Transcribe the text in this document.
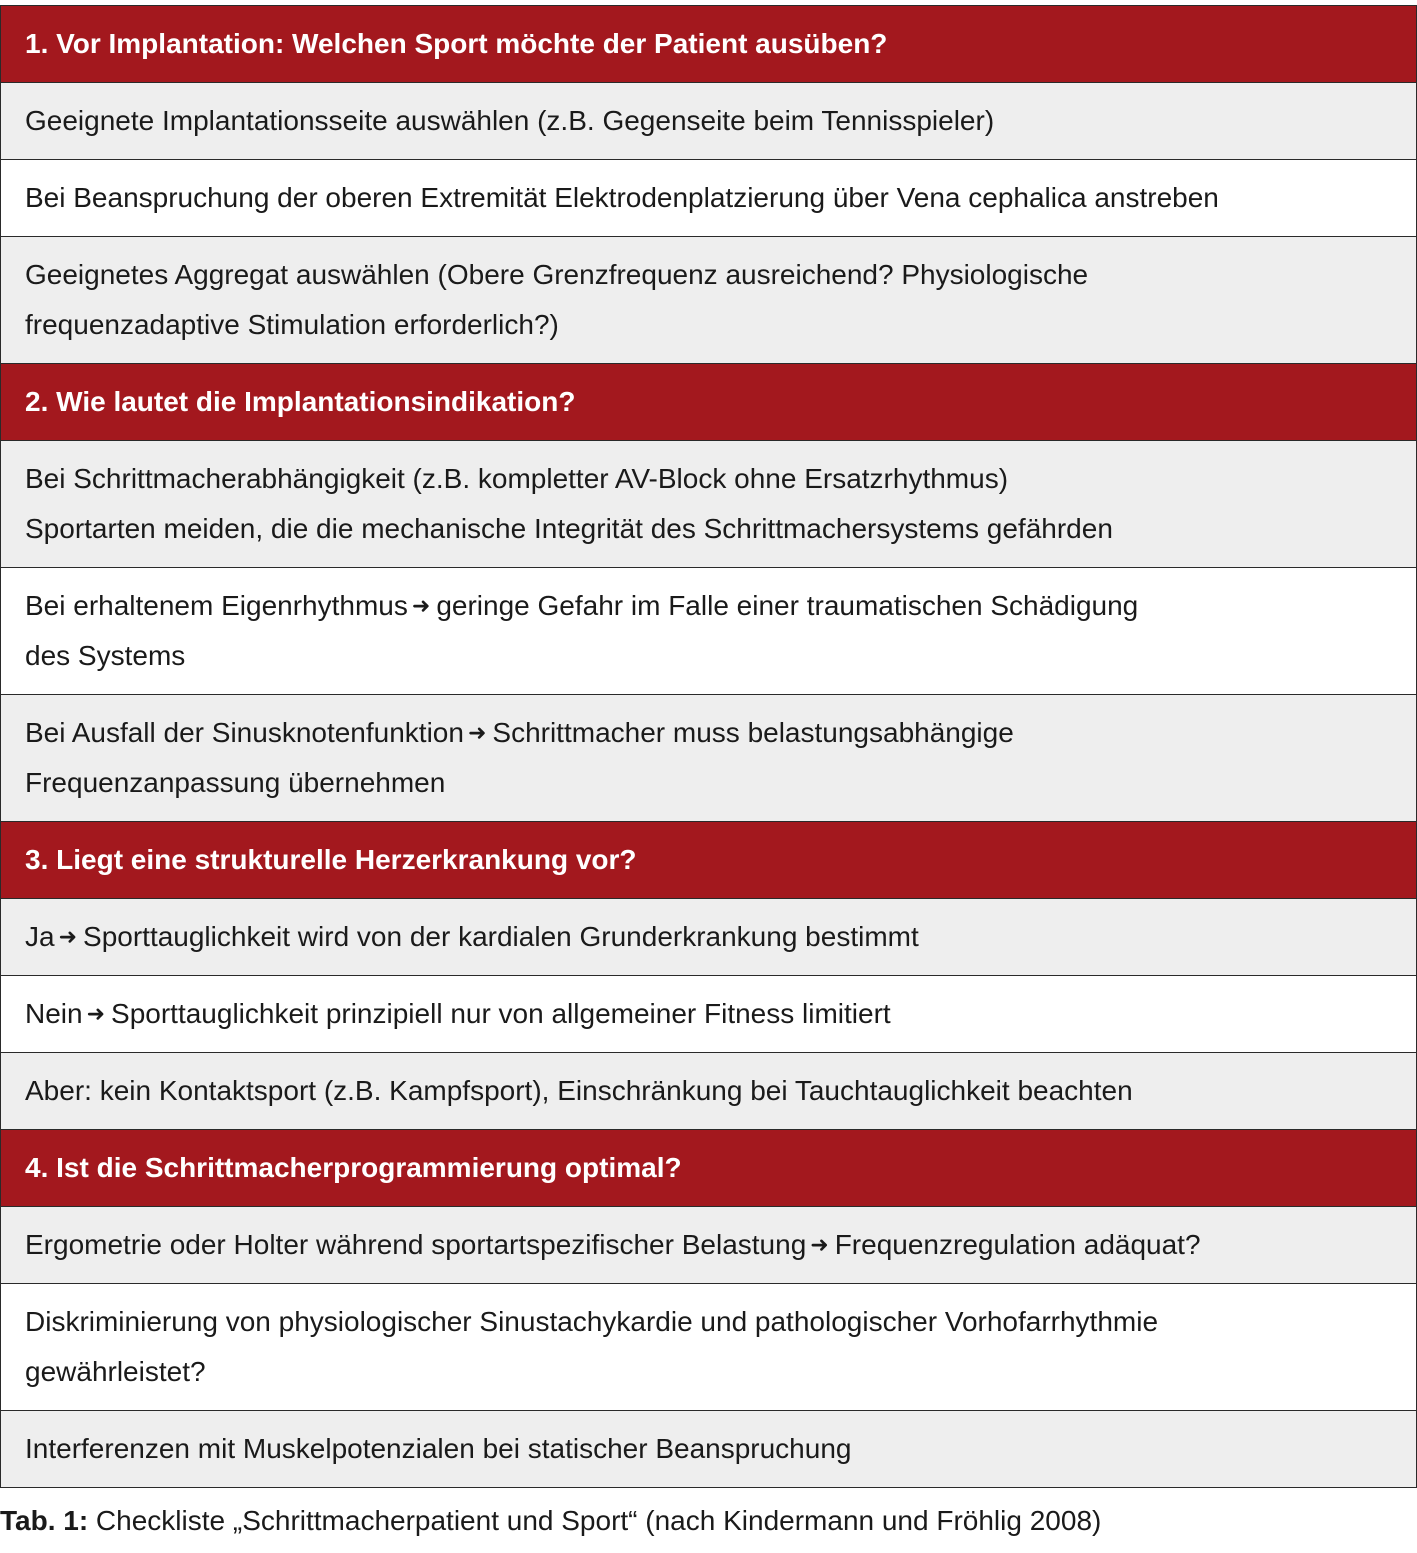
1. Vor Implantation: Welchen Sport möchte der Patient ausüben?
Geeignete Implantationsseite auswählen (z.B. Gegenseite beim Tennisspieler)
Bei Beanspruchung der oberen Extremität Elektrodenplatzierung über Vena cephalica anstreben
Geeignetes Aggregat auswählen (Obere Grenzfrequenz ausreichend? Physiologische
frequenzadaptive Stimulation erforderlich?)
2. Wie lautet die Implantationsindikation?
Bei Schrittmacherabhängigkeit (z.B. kompletter AV-Block ohne Ersatzrhythmus)
Sportarten meiden, die die mechanische Integrität des Schrittmachersystems gefährden
Bei erhaltenem Eigenrhythmus ➜ geringe Gefahr im Falle einer traumatischen Schädigung
des Systems
Bei Ausfall der Sinusknotenfunktion ➜ Schrittmacher muss belastungsabhängige
Frequenzanpassung übernehmen
3. Liegt eine strukturelle Herzerkrankung vor?
Ja ➜ Sporttauglichkeit wird von der kardialen Grunderkrankung bestimmt
Nein ➜ Sporttauglichkeit prinzipiell nur von allgemeiner Fitness limitiert
Aber: kein Kontaktsport (z.B. Kampfsport), Einschränkung bei Tauchtauglichkeit beachten
4. Ist die Schrittmacherprogrammierung optimal?
Ergometrie oder Holter während sportartspezifischer Belastung ➜ Frequenzregulation adäquat?
Diskriminierung von physiologischer Sinustachykardie und pathologischer Vorhofarrhythmie
gewährleistet?
Interferenzen mit Muskelpotenzialen bei statischer Beanspruchung
Tab. 1: Checkliste „Schrittmacherpatient und Sport“ (nach Kindermann und Fröhlig 2008)
